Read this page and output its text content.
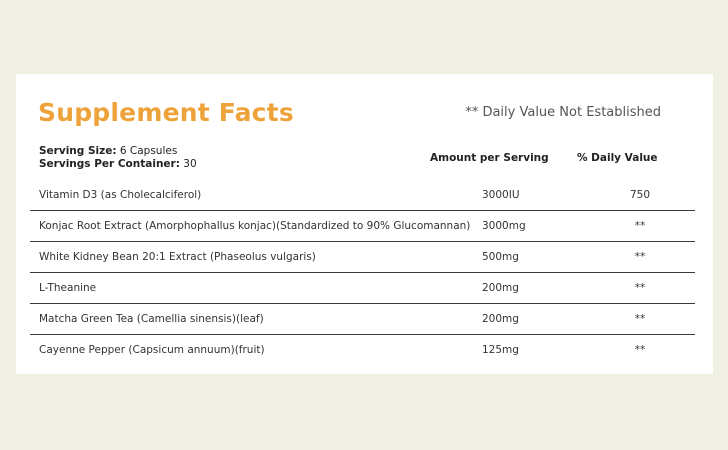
Supplement Facts	** Daily Value Not Established
Serving Size: 6 Capsules
Servings Per Container: 30	Amount per Serving	% Daily Value
Vitamin D3 (as Cholecalciferol)	3000IU	750
Konjac Root Extract (Amorphophallus konjac)(Standardized to 90% Glucomannan) 3000mg	**
White Kidney Bean 20:1 Extract (Phaseolus vulgaris)	500mg	**
L-Theanine	200mg	**
Matcha Green Tea (Camellia sinensis)(leaf)	200mg	**
Cayenne Pepper (Capsicum annuum)(fruit)	125mg	**
